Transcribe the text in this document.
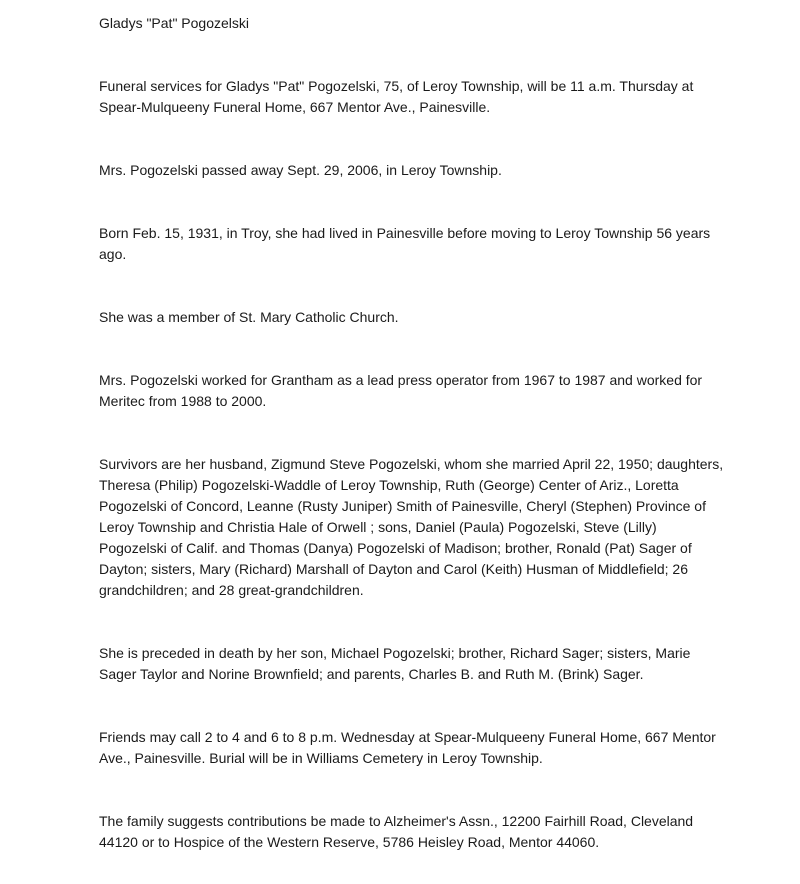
Gladys "Pat" Pogozelski

Funeral services for Gladys "Pat" Pogozelski, 75, of Leroy Township, will be 11 a.m. Thursday at Spear-Mulqueeny Funeral Home, 667 Mentor Ave., Painesville.

Mrs. Pogozelski passed away Sept. 29, 2006, in Leroy Township.

Born Feb. 15, 1931, in Troy, she had lived in Painesville before moving to Leroy Township 56 years ago.

She was a member of St. Mary Catholic Church.

Mrs. Pogozelski worked for Grantham as a lead press operator from 1967 to 1987 and worked for Meritec from 1988 to 2000.

Survivors are her husband, Zigmund Steve Pogozelski, whom she married April 22, 1950; daughters, Theresa (Philip) Pogozelski-Waddle of Leroy Township, Ruth (George) Center of Ariz., Loretta Pogozelski of Concord, Leanne (Rusty Juniper) Smith of Painesville, Cheryl (Stephen) Province of Leroy Township and Christia Hale of Orwell ; sons, Daniel (Paula) Pogozelski, Steve (Lilly) Pogozelski of Calif. and Thomas (Danya) Pogozelski of Madison; brother, Ronald (Pat) Sager of Dayton; sisters, Mary (Richard) Marshall of Dayton and Carol (Keith) Husman of Middlefield; 26 grandchildren; and 28 great-grandchildren.

She is preceded in death by her son, Michael Pogozelski; brother, Richard Sager; sisters, Marie Sager Taylor and Norine Brownfield; and parents, Charles B. and Ruth M. (Brink) Sager.

Friends may call 2 to 4 and 6 to 8 p.m. Wednesday at Spear-Mulqueeny Funeral Home, 667 Mentor Ave., Painesville. Burial will be in Williams Cemetery in Leroy Township.

The family suggests contributions be made to Alzheimer's Assn., 12200 Fairhill Road, Cleveland 44120 or to Hospice of the Western Reserve, 5786 Heisley Road, Mentor 44060.
